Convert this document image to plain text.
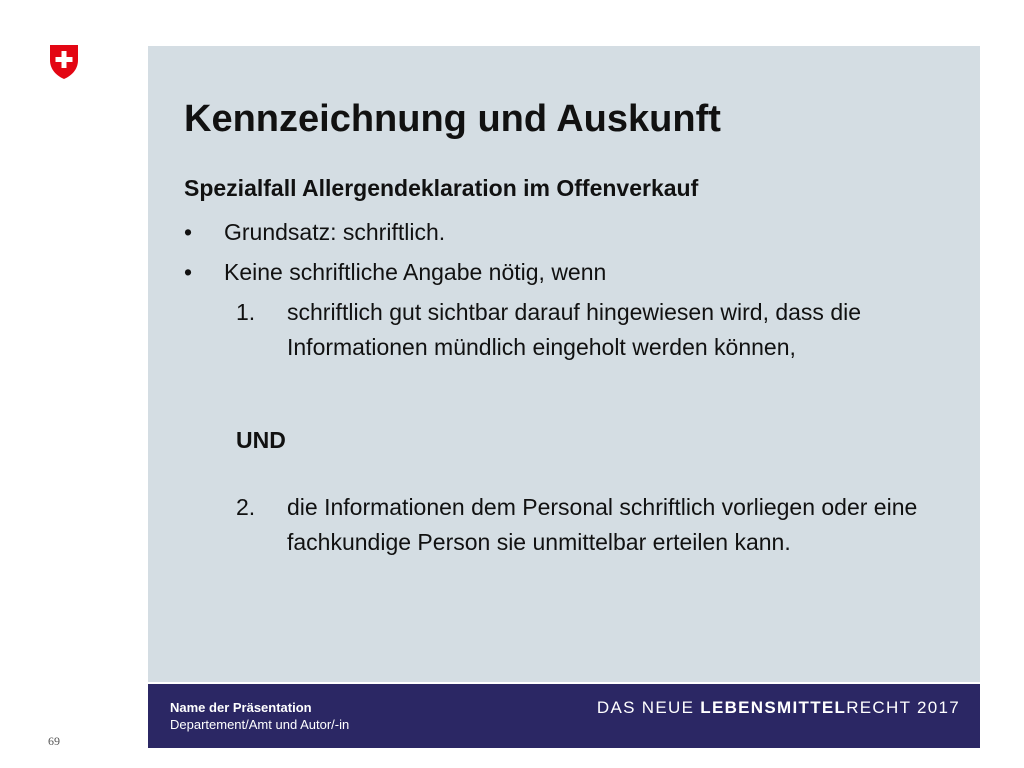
Kennzeichnung und Auskunft
Spezialfall Allergendeklaration im Offenverkauf
• Grundsatz: schriftlich.
• Keine schriftliche Angabe nötig, wenn
1. schriftlich gut sichtbar darauf hingewiesen wird, dass die Informationen mündlich eingeholt werden können,
UND
2. die Informationen dem Personal schriftlich vorliegen oder eine fachkundige Person sie unmittelbar erteilen kann.
Name der Präsentation
Departement/Amt und Autor/-in
DAS NEUE LEBENSMITTELRECHT 2017
69
